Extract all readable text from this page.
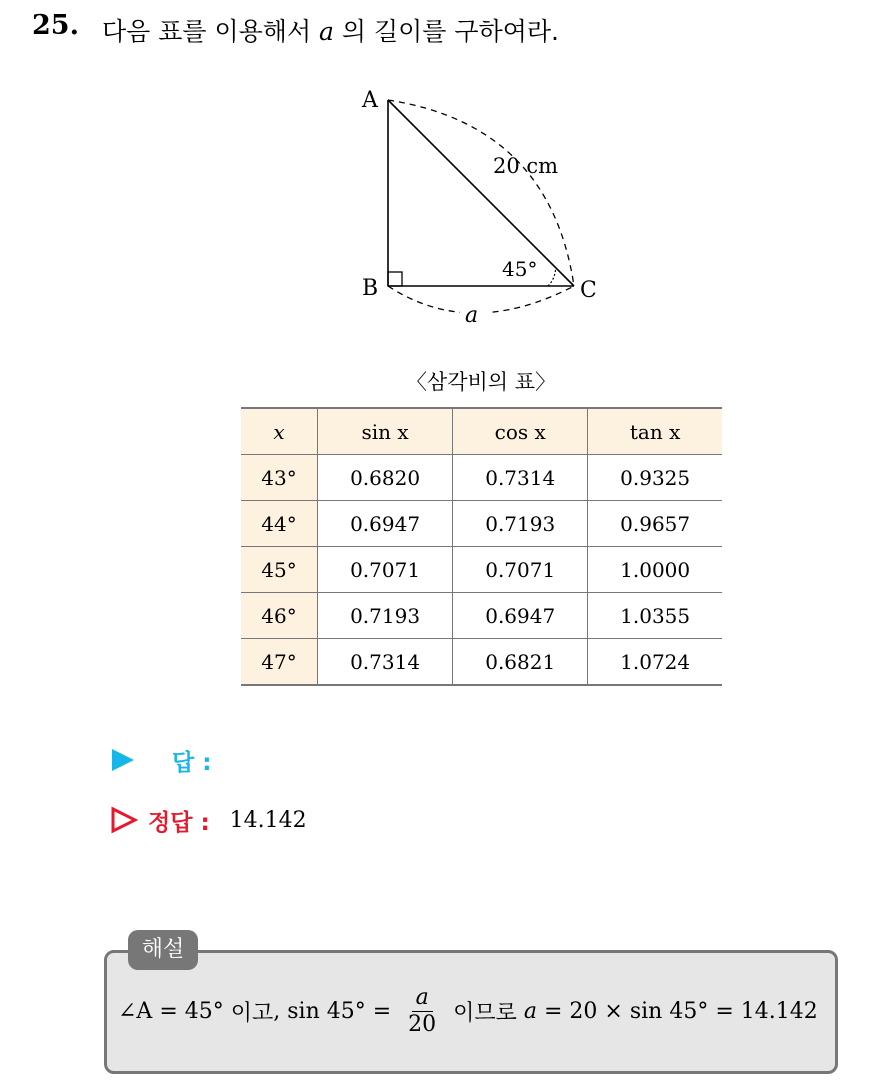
25. 다음 표를 이용해서 a 의 길이를 구하여라.
A
B	C
20 cm
45°
a
〈삼각비의 표〉
x	sin x	cos x	tan x
43°	0.6820	0.7314	0.9325
44°	0.6947	0.7193	0.9657
45°	0.7071	0.7071	1.0000
46°	0.7193	0.6947	1.0355
47°	0.7314	0.6821	1.0724
답 :
정답 : 14.142
해설
∠A = 45° 이고 , $\sin 45^\circ = \frac{a}{20}$ 이므로 a = 20 × sin 45° = 14.142
